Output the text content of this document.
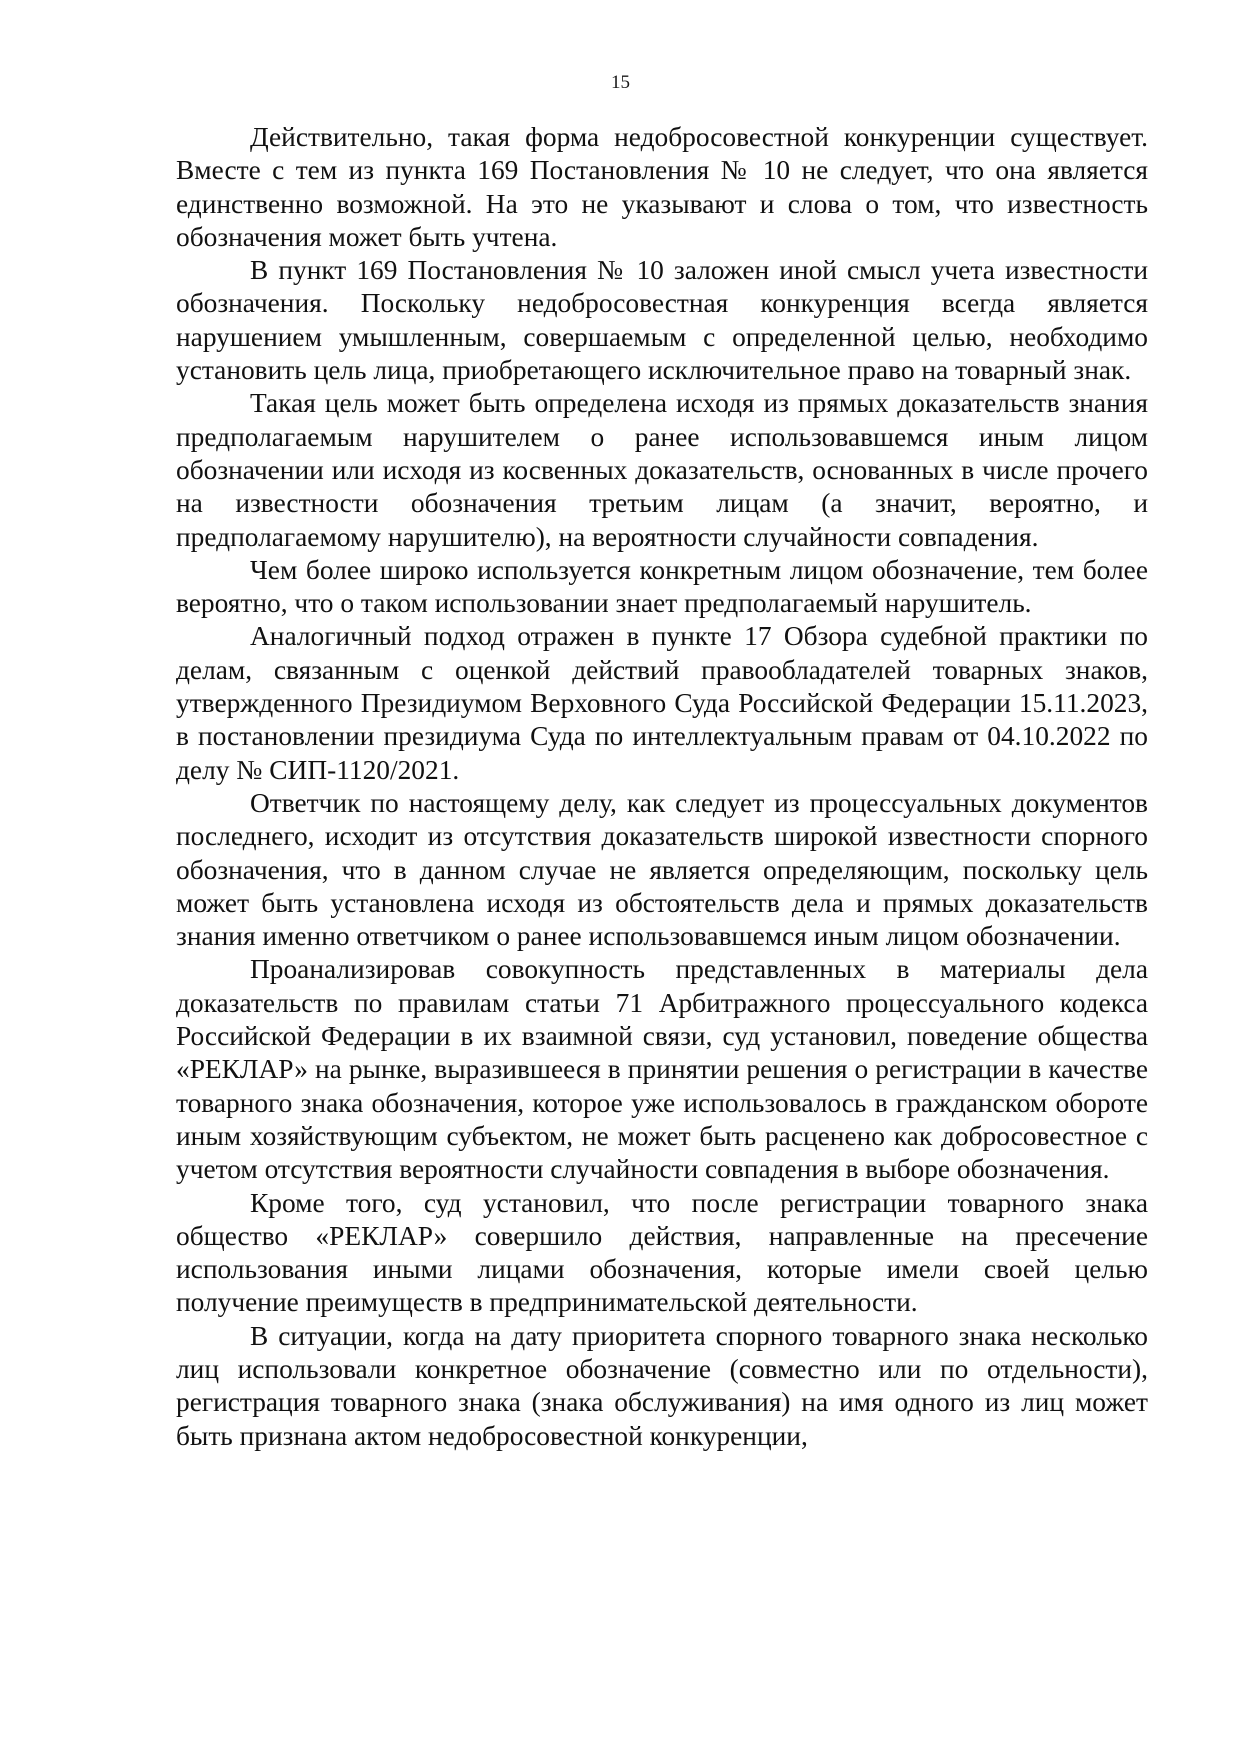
15

Действительно, такая форма недобросовестной конкуренции существует. Вместе с тем из пункта 169 Постановления № 10 не следует, что она является единственно возможной. На это не указывают и слова о том, что известность обозначения может быть учтена.

В пункт 169 Постановления № 10 заложен иной смысл учета известности обозначения. Поскольку недобросовестная конкуренция всегда является нарушением умышленным, совершаемым с определенной целью, необходимо установить цель лица, приобретающего исключительное право на товарный знак.

Такая цель может быть определена исходя из прямых доказательств знания предполагаемым нарушителем о ранее использовавшемся иным лицом обозначении или исходя из косвенных доказательств, основанных в числе прочего на известности обозначения третьим лицам (а значит, вероятно, и предполагаемому нарушителю), на вероятности случайности совпадения.

Чем более широко используется конкретным лицом обозначение, тем более вероятно, что о таком использовании знает предполагаемый нарушитель.

Аналогичный подход отражен в пункте 17 Обзора судебной практики по делам, связанным с оценкой действий правообладателей товарных знаков, утвержденного Президиумом Верховного Суда Российской Федерации 15.11.2023, в постановлении президиума Суда по интеллектуальным правам от 04.10.2022 по делу № СИП-1120/2021.

Ответчик по настоящему делу, как следует из процессуальных документов последнего, исходит из отсутствия доказательств широкой известности спорного обозначения, что в данном случае не является определяющим, поскольку цель может быть установлена исходя из обстоятельств дела и прямых доказательств знания именно ответчиком о ранее использовавшемся иным лицом обозначении.

Проанализировав совокупность представленных в материалы дела доказательств по правилам статьи 71 Арбитражного процессуального кодекса Российской Федерации в их взаимной связи, суд установил, поведение общества «РЕКЛАР» на рынке, выразившееся в принятии решения о регистрации в качестве товарного знака обозначения, которое уже использовалось в гражданском обороте иным хозяйствующим субъектом, не может быть расценено как добросовестное с учетом отсутствия вероятности случайности совпадения в выборе обозначения.

Кроме того, суд установил, что после регистрации товарного знака общество «РЕКЛАР» совершило действия, направленные на пресечение использования иными лицами обозначения, которые имели своей целью получение преимуществ в предпринимательской деятельности.

В ситуации, когда на дату приоритета спорного товарного знака несколько лиц использовали конкретное обозначение (совместно или по отдельности), регистрация товарного знака (знака обслуживания) на имя одного из лиц может быть признана актом недобросовестной конкуренции,
